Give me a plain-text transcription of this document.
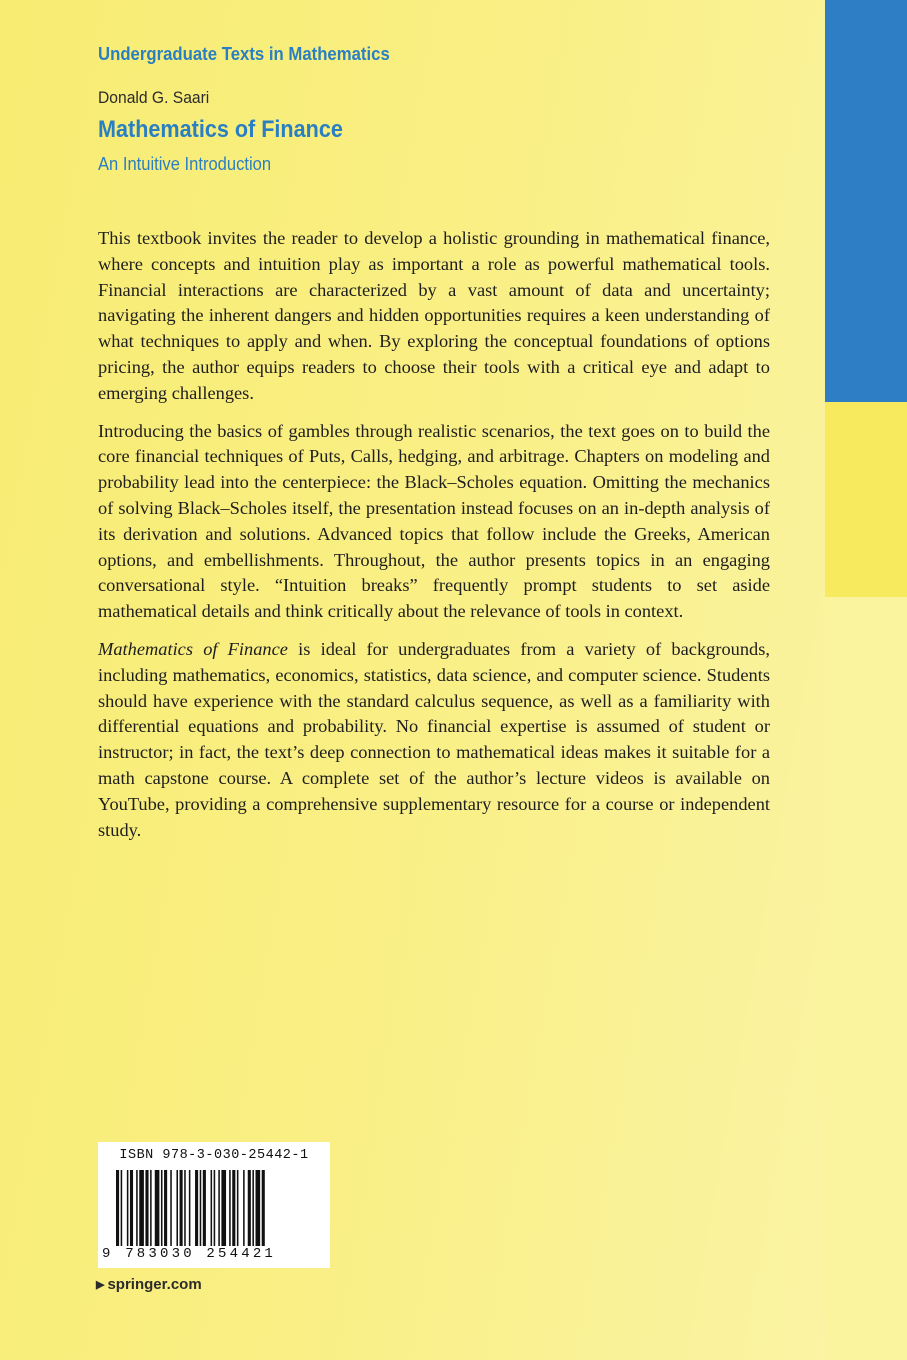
Undergraduate Texts in Mathematics
Donald G. Saari
Mathematics of Finance
An Intuitive Introduction

This textbook invites the reader to develop a holistic grounding in mathematical finance, where concepts and intuition play as important a role as powerful mathematical tools. Financial interactions are characterized by a vast amount of data and uncertainty; navigating the inherent dangers and hidden opportunities requires a keen understanding of what techniques to apply and when. By exploring the conceptual foundations of options pricing, the author equips readers to choose their tools with a critical eye and adapt to emerging challenges.

Introducing the basics of gambles through realistic scenarios, the text goes on to build the core financial techniques of Puts, Calls, hedging, and arbitrage. Chapters on modeling and probability lead into the centerpiece: the Black–Scholes equation. Omitting the mechanics of solving Black–Scholes itself, the presentation instead focuses on an in-depth analysis of its derivation and solutions. Advanced topics that follow include the Greeks, American options, and embellishments. Throughout, the author presents topics in an engaging conversational style. “Intuition breaks” frequently prompt students to set aside mathematical details and think critically about the relevance of tools in context.

Mathematics of Finance is ideal for undergraduates from a variety of backgrounds, including mathematics, economics, statistics, data science, and computer science. Students should have experience with the standard calculus sequence, as well as a familiarity with differential equations and probability. No financial expertise is assumed of student or instructor; in fact, the text’s deep connection to mathematical ideas makes it suitable for a math capstone course. A complete set of the author’s lecture videos is available on YouTube, providing a comprehensive supplementary resource for a course or independent study.

ISBN 978-3-030-25442-1
9 783030 254421
▶ springer.com
